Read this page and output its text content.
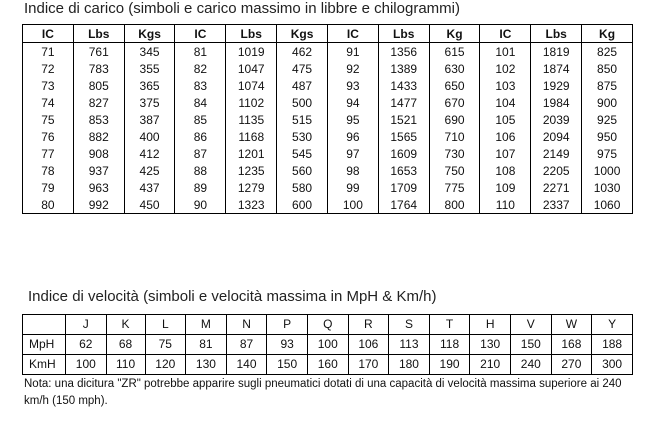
Indice di carico (simboli e carico massimo in libbre e chilogrammi)
IC	Lbs	Kgs	IC	Lbs	Kgs	IC	Lbs	Kg	IC	Lbs	Kg
71	761	345	81	1019	462	91	1356	615	101	1819	825
72	783	355	82	1047	475	92	1389	630	102	1874	850
73	805	365	83	1074	487	93	1433	650	103	1929	875
74	827	375	84	1102	500	94	1477	670	104	1984	900
75	853	387	85	1135	515	95	1521	690	105	2039	925
76	882	400	86	1168	530	96	1565	710	106	2094	950
77	908	412	87	1201	545	97	1609	730	107	2149	975
78	937	425	88	1235	560	98	1653	750	108	2205	1000
79	963	437	89	1279	580	99	1709	775	109	2271	1030
80	992	450	90	1323	600	100	1764	800	110	2337	1060
Indice di velocità (simboli e velocità massima in MpH & Km/h)
	J	K	L	M	N	P	Q	R	S	T	H	V	W	Y
MpH	62	68	75	81	87	93	100	106	113	118	130	150	168	188
KmH	100	110	120	130	140	150	160	170	180	190	210	240	270	300
Nota: una dicitura "ZR" potrebbe apparire sugli pneumatici dotati di una capacità di velocità massima superiore ai 240 km/h (150 mph).
